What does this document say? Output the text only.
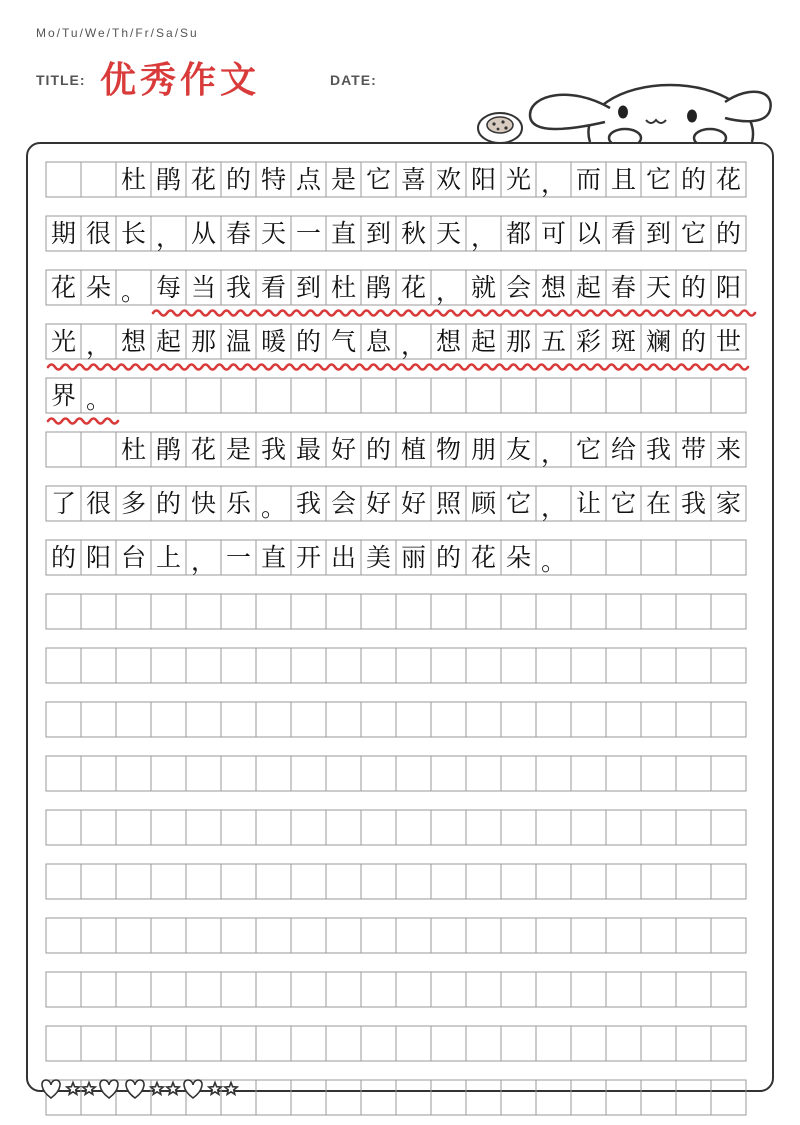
Mo/Tu/We/Th/Fr/Sa/Su
TITLE: 优秀作文	DATE:
杜 鹃 花 的 特 点 是 它 喜 欢 阳 光 ， 而 且 它 的 花
期 很 长 ， 从 春 天 一 直 到 秋 天 ， 都 可 以 看 到 它 的
花 朵 。 每 当 我 看 到 杜 鹃 花 ， 就 会 想 起 春 天 的 阳
光 ， 想 起 那 温 暖 的 气 息 ， 想 起 那 五 彩 斑 斓 的 世
界 。
杜 鹃 花 是 我 最 好 的 植 物 朋 友 ， 它 给 我 带 来
了 很 多 的 快 乐 。 我 会 好 好 照 顾 它 ， 让 它 在 我 家
的 阳 台 上 ， 一 直 开 出 美 丽 的 花 朵 。
